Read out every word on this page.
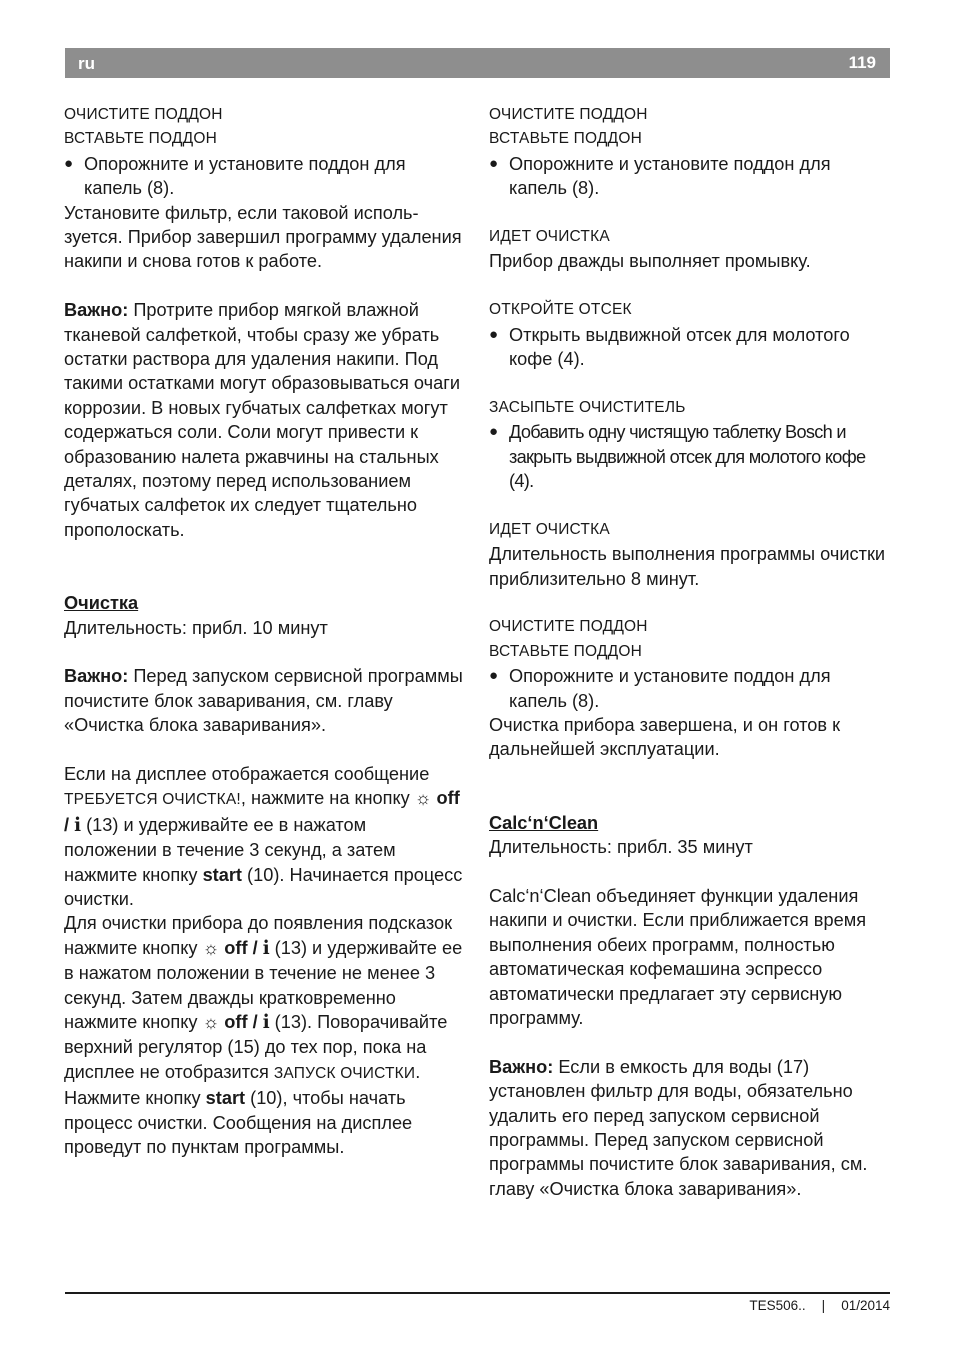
ru	119

ОЧИСТИТЕ ПОДДОН

ВСТАВЬТЕ ПОДДОН

● Опорожните и установите поддон для капель (8).

Установите фильтр, если таковой используется. Прибор завершил программу удаления накипи и снова готов к работе.

Важно: Протрите прибор мягкой влажной тканевой салфеткой, чтобы сразу же убрать остатки раствора для удаления накипи. Под такими остатками могут образовываться очаги коррозии. В новых губчатых салфетках могут содержаться соли. Соли могут привести к образованию налета ржавчины на стальных деталях, поэтому перед использованием губчатых салфеток их следует тщательно прополоскать.

Очистка

Длительность: прибл. 10 минут

Важно: Перед запуском сервисной программы почистите блок заваривания, см. главу «Очистка блока заваривания».

Если на дисплее отображается сообщение ТРЕБУЕТСЯ ОЧИСТКА!, нажмите на кнопку ☼ off / i (13) и удерживайте ее в нажатом положении в течение 3 секунд, а затем нажмите кнопку start (10). Начинается процесс очистки.

Для очистки прибора до появления подсказок нажмите кнопку ☼ off / i (13) и удерживайте ее в нажатом положении в течение не менее 3 секунд. Затем дважды кратковременно нажмите кнопку ☼ off / i (13). Поворачивайте верхний регулятор (15) до тех пор, пока на дисплее не отобразится ЗАПУСК ОЧИСТКИ. Нажмите кнопку start (10), чтобы начать процесс очистки. Сообщения на дисплее проведут по пунктам программы.

ОЧИСТИТЕ ПОДДОН

ВСТАВЬТЕ ПОДДОН

● Опорожните и установите поддон для капель (8).

ИДЕТ ОЧИСТКА

Прибор дважды выполняет промывку.

ОТКРОЙТЕ ОТСЕК

● Открыть выдвижной отсек для молотого кофе (4).

ЗАСЫПЬТЕ ОЧИСТИТЕЛЬ

● Добавить одну чистящую таблетку Bosch и закрыть выдвижной отсек для молотого кофе (4).

ИДЕТ ОЧИСТКА

Длительность выполнения программы очистки приблизительно 8 минут.

ОЧИСТИТЕ ПОДДОН

ВСТАВЬТЕ ПОДДОН

● Опорожните и установите поддон для капель (8).

Очистка прибора завершена, и он готов к дальнейшей эксплуатации.

Calc‘n‘Clean

Длительность: прибл. 35 минут

Calc‘n‘Clean объединяет функции удаления накипи и очистки. Если приближается время выполнения обеих программ, полностью автоматическая кофемашина эспрессо автоматически предлагает эту сервисную программу.

Важно: Если в емкость для воды (17) установлен фильтр для воды, обязательно удалить его перед запуском сервисной программы. Перед запуском сервисной программы почистите блок заваривания, см. главу «Очистка блока заваривания».

TES506.. | 01/2014
